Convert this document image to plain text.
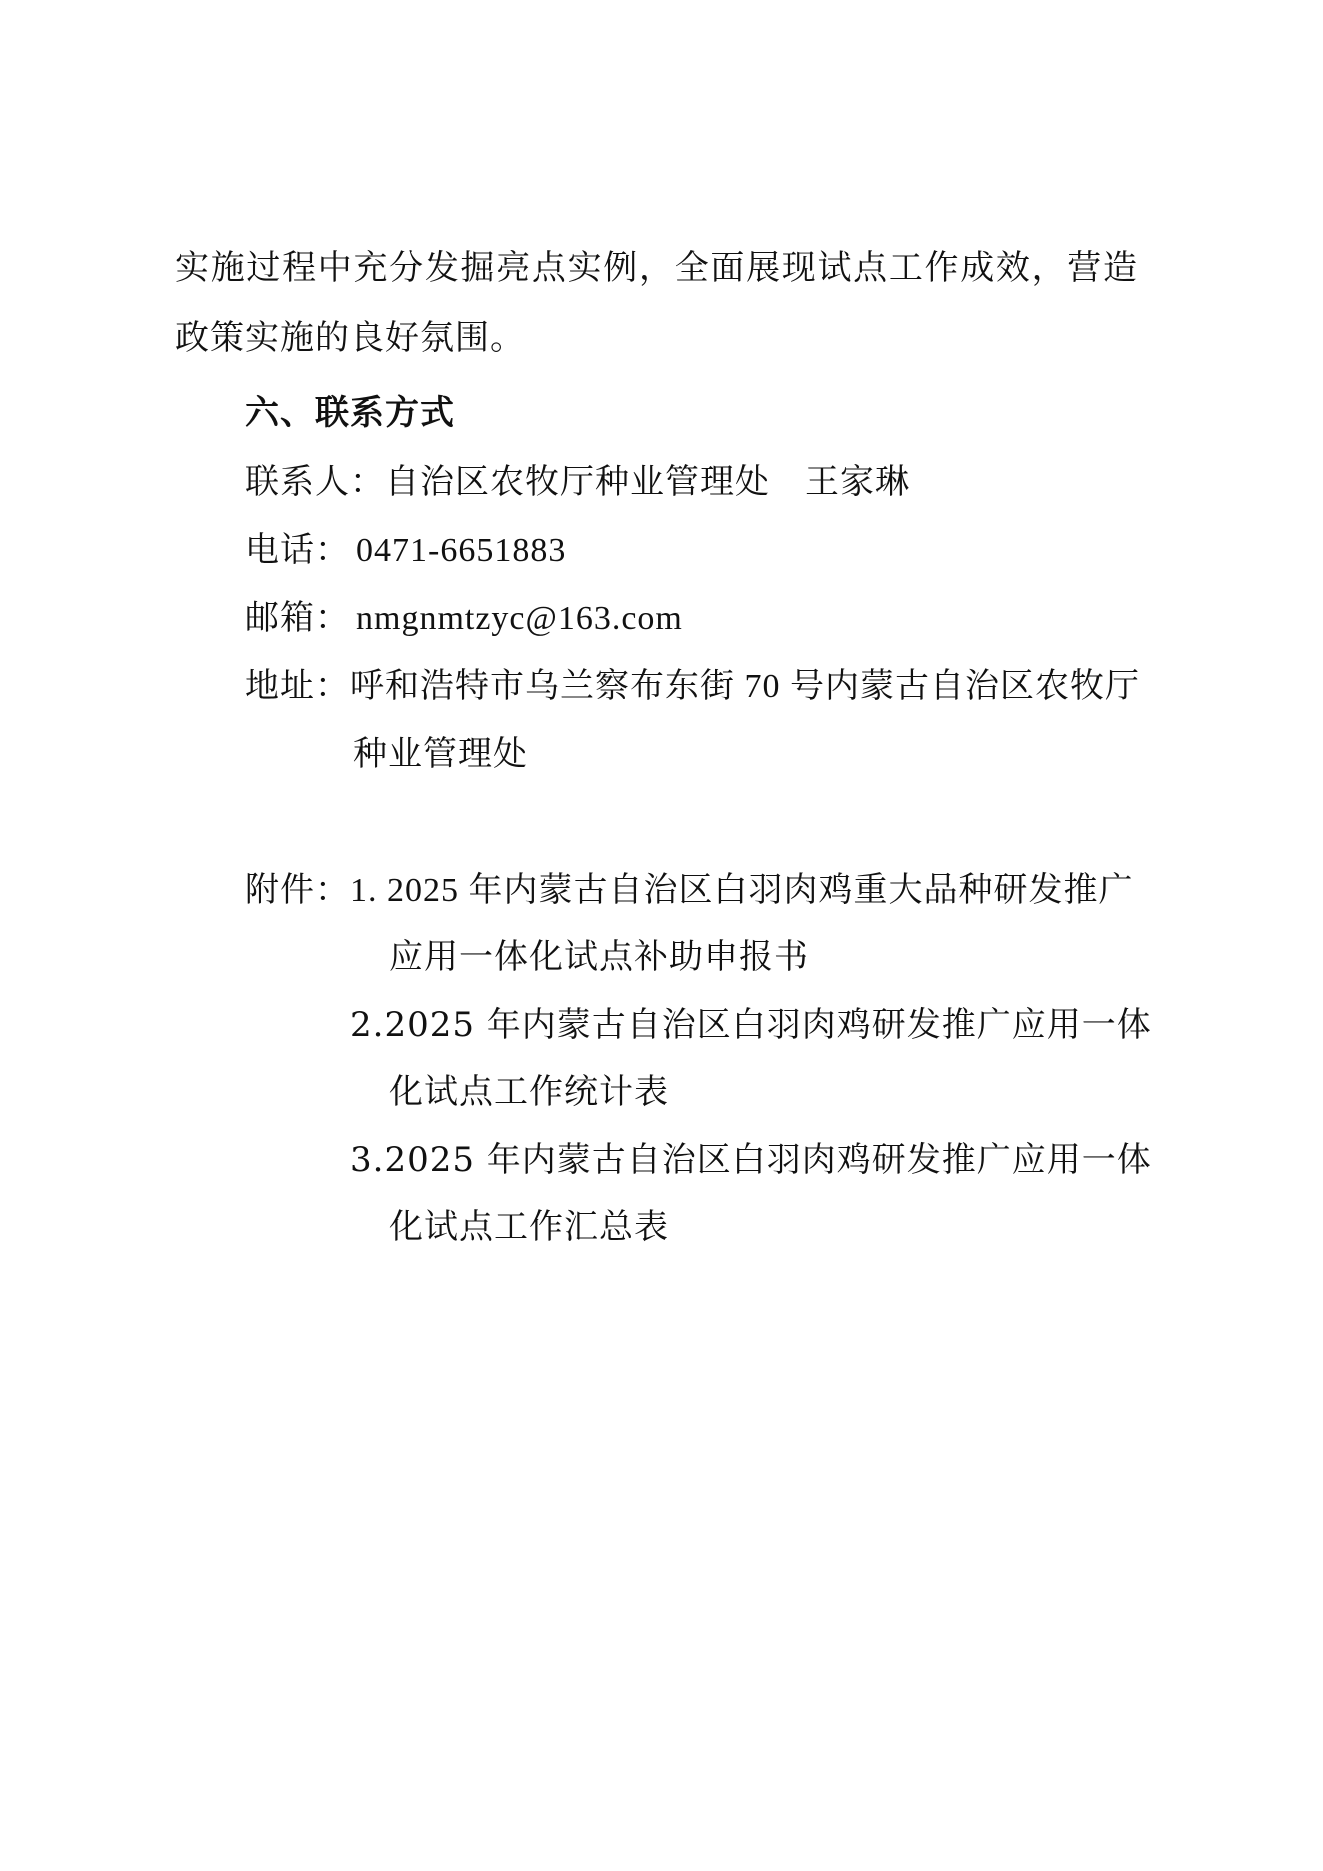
实施过程中充分发掘亮点实例，全面展现试点工作成效，营造
政策实施的良好氛围。
六、联系方式
联系人：自治区农牧厅种业管理处　王家琳
电话： 0471-6651883
邮箱： nmgnmtzyc@163.com
地址：呼和浩特市乌兰察布东街 70 号内蒙古自治区农牧厅
种业管理处
附件：1. 2025 年内蒙古自治区白羽肉鸡重大品种研发推广
应用一体化试点补助申报书
2.2025 年内蒙古自治区白羽肉鸡研发推广应用一体
化试点工作统计表
3.2025 年内蒙古自治区白羽肉鸡研发推广应用一体
化试点工作汇总表
